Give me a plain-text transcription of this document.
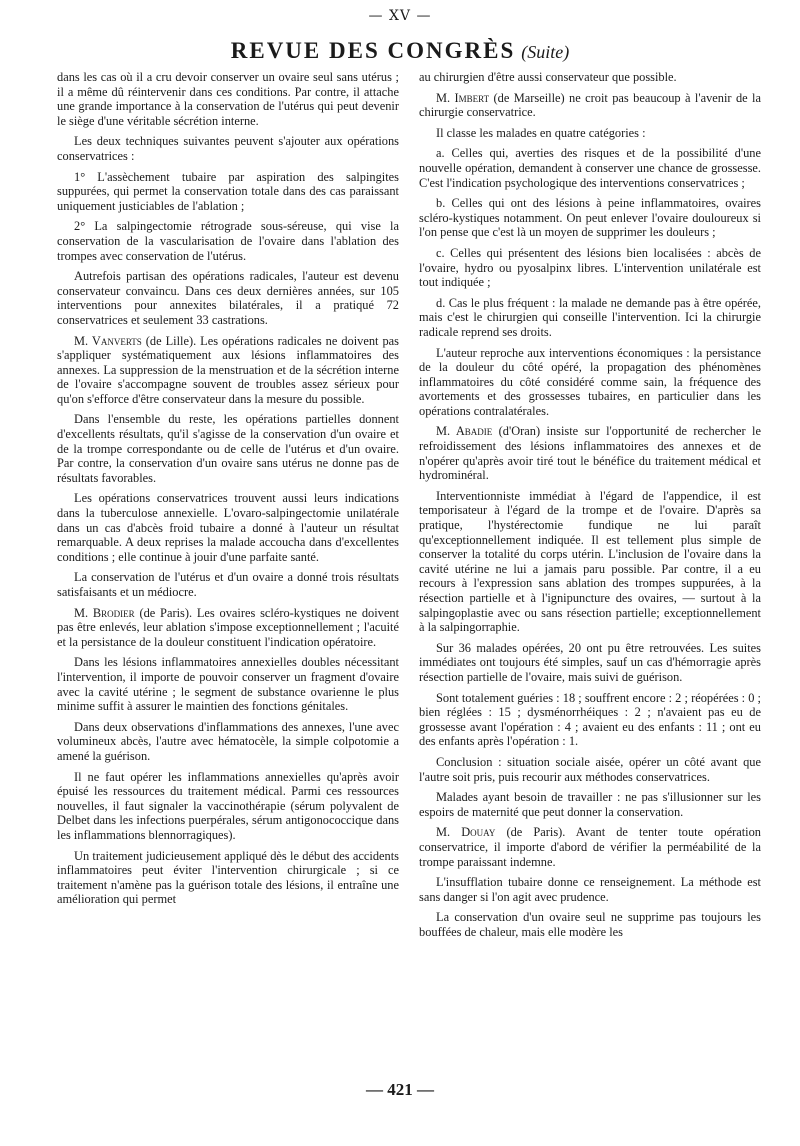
— XV —
REVUE DES CONGRÈS (Suite)

dans les cas où il a cru devoir conserver un ovaire seul sans utérus ; il a même dû réintervenir dans ces conditions. Par contre, il attache une grande importance à la conservation de l'utérus qui peut devenir le siège d'une véritable sécrétion interne.

Les deux techniques suivantes peuvent s'ajouter aux opérations conservatrices :

1° L'assèchement tubaire par aspiration des salpingites suppurées, qui permet la conservation totale dans des cas paraissant uniquement justiciables de l'ablation ;

2° La salpingectomie rétrograde sous-séreuse, qui vise la conservation de la vascularisation de l'ovaire dans l'ablation des trompes avec conservation de l'utérus.

Autrefois partisan des opérations radicales, l'auteur est devenu conservateur convaincu. Dans ces deux dernières années, sur 105 interventions pour annexites bilatérales, il a pratiqué 72 conservatrices et seulement 33 castrations.

M. Vanverts (de Lille). Les opérations radicales ne doivent pas s'appliquer systématiquement aux lésions inflammatoires des annexes. La suppression de la menstruation et de la sécrétion interne de l'ovaire s'accompagne souvent de troubles assez sérieux pour qu'on s'efforce d'être conservateur dans la mesure du possible.

Dans l'ensemble du reste, les opérations partielles donnent d'excellents résultats, qu'il s'agisse de la conservation d'un ovaire et de la trompe correspondante ou de celle de l'utérus et d'un ovaire. Par contre, la conservation d'un ovaire sans utérus ne donne pas de résultats favorables.

Les opérations conservatrices trouvent aussi leurs indications dans la tuberculose annexielle. L'ovaro-salpingectomie unilatérale dans un cas d'abcès froid tubaire a donné à l'auteur un résultat remarquable. A deux reprises la malade accoucha dans d'excellentes conditions ; elle continue à jouir d'une parfaite santé.

La conservation de l'utérus et d'un ovaire a donné trois résultats satisfaisants et un médiocre.

M. Brodier (de Paris). Les ovaires scléro-kystiques ne doivent pas être enlevés, leur ablation s'impose exceptionnellement ; l'acuité et la persistance de la douleur constituent l'indication opératoire.

Dans les lésions inflammatoires annexielles doubles nécessitant l'intervention, il importe de pouvoir conserver un fragment d'ovaire avec la cavité utérine ; le segment de substance ovarienne le plus minime suffit à assurer le maintien des fonctions génitales.

Dans deux observations d'inflammations des annexes, l'une avec volumineux abcès, l'autre avec hématocèle, la simple colpotomie a amené la guérison.

Il ne faut opérer les inflammations annexielles qu'après avoir épuisé les ressources du traitement médical. Parmi ces ressources nouvelles, il faut signaler la vaccinothérapie (sérum polyvalent de Delbet dans les infections puerpérales, sérum antigonococcique dans les inflammations blennorragiques).

Un traitement judicieusement appliqué dès le début des accidents inflammatoires peut éviter l'intervention chirurgicale ; si ce traitement n'amène pas la guérison totale des lésions, il entraîne une amélioration qui permet

au chirurgien d'être aussi conservateur que possible.

M. Imbert (de Marseille) ne croit pas beaucoup à l'avenir de la chirurgie conservatrice.

Il classe les malades en quatre catégories :

a. Celles qui, averties des risques et de la possibilité d'une nouvelle opération, demandent à conserver une chance de grossesse. C'est l'indication psychologique des interventions conservatrices ;

b. Celles qui ont des lésions à peine inflammatoires, ovaires scléro-kystiques notamment. On peut enlever l'ovaire douloureux si l'on pense que c'est là un moyen de supprimer les douleurs ;

c. Celles qui présentent des lésions bien localisées : abcès de l'ovaire, hydro ou pyosalpinx libres. L'intervention unilatérale est tout indiquée ;

d. Cas le plus fréquent : la malade ne demande pas à être opérée, mais c'est le chirurgien qui conseille l'intervention. Ici la chirurgie radicale reprend ses droits.

L'auteur reproche aux interventions économiques : la persistance de la douleur du côté opéré, la propagation des phénomènes inflammatoires du côté considéré comme sain, la fréquence des avortements et des grossesses tubaires, en particulier dans les opérations contralatérales.

M. Abadie (d'Oran) insiste sur l'opportunité de rechercher le refroidissement des lésions inflammatoires des annexes et de n'opérer qu'après avoir tiré tout le bénéfice du traitement médical et hydrominéral.

Interventionniste immédiat à l'égard de l'appendice, il est temporisateur à l'égard de la trompe et de l'ovaire. D'après sa pratique, l'hystérectomie fundique ne lui paraît qu'exceptionnellement indiquée. Il est tellement plus simple de conserver la totalité du corps utérin. L'inclusion de l'ovaire dans la cavité utérine ne lui a jamais paru possible. Par contre, il a eu recours à l'expression sans ablation des trompes suppurées, à la résection partielle et à l'ignipuncture des ovaires, — surtout à la salpingoplastie avec ou sans résection partielle; exceptionnellement à la salpingorraphie.

Sur 36 malades opérées, 20 ont pu être retrouvées. Les suites immédiates ont toujours été simples, sauf un cas d'hémorragie après résection partielle de l'ovaire, mais suivi de guérison.

Sont totalement guéries : 18 ; souffrent encore : 2 ; réopérées : 0 ; bien réglées : 15 ; dysménorrhéiques : 2 ; n'avaient pas eu de grossesse avant l'opération : 4 ; avaient eu des enfants : 11 ; ont eu des enfants après l'opération : 1.

Conclusion : situation sociale aisée, opérer un côté avant que l'autre soit pris, puis recourir aux méthodes conservatrices.

Malades ayant besoin de travailler : ne pas s'illusionner sur les espoirs de maternité que peut donner la conservation.

M. Douay (de Paris). Avant de tenter toute opération conservatrice, il importe d'abord de vérifier la perméabilité de la trompe paraissant indemne.

L'insufflation tubaire donne ce renseignement. La méthode est sans danger si l'on agit avec prudence.

La conservation d'un ovaire seul ne supprime pas toujours les bouffées de chaleur, mais elle modère les

— 421 —
